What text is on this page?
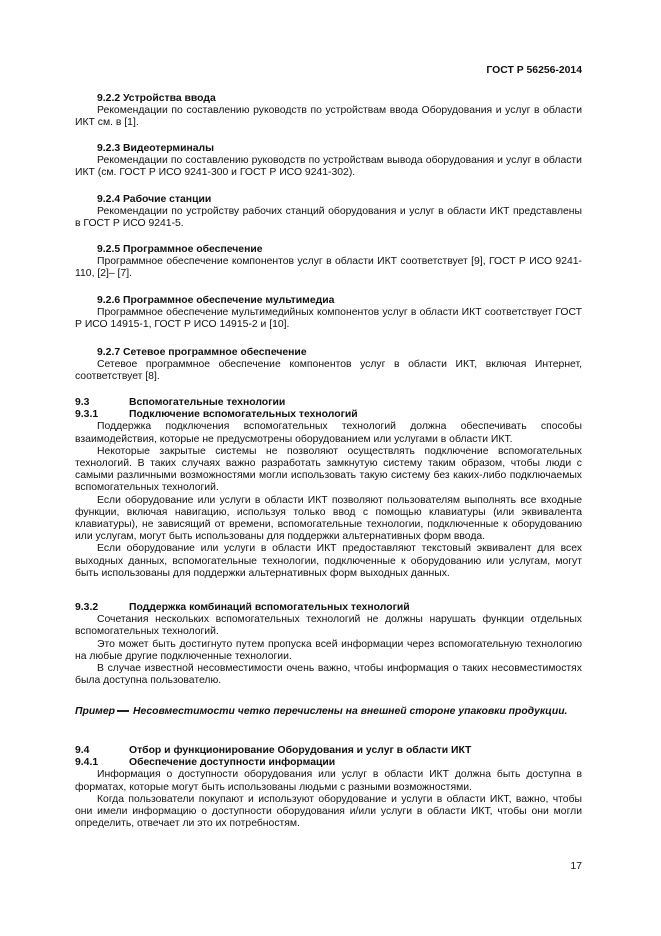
ГОСТ Р 56256-2014
9.2.2 Устройства ввода
Рекомендации по составлению руководств по устройствам ввода Оборудования и услуг в области ИКТ см. в [1].
9.2.3 Видеотерминалы
Рекомендации по составлению руководств по устройствам вывода оборудования и услуг в области ИКТ (см. ГОСТ Р ИСО 9241-300 и ГОСТ Р ИСО 9241-302).
9.2.4 Рабочие станции
Рекомендации по устройству рабочих станций оборудования и услуг в области ИКТ представлены в ГОСТ Р ИСО 9241-5.
9.2.5 Программное обеспечение
Программное обеспечение компонентов услуг в области ИКТ соответствует [9], ГОСТ Р ИСО 9241-110, [2]– [7].
9.2.6 Программное обеспечение мультимедиа
Программное обеспечение мультимедийных компонентов услуг в области ИКТ соответствует ГОСТ Р ИСО 14915-1, ГОСТ Р ИСО 14915-2 и [10].
9.2.7 Сетевое программное обеспечение
Сетевое программное обеспечение компонентов услуг в области ИКТ, включая Интернет, соответствует [8].
9.3	Вспомогательные технологии
9.3.1	Подключение вспомогательных технологий
Поддержка подключения вспомогательных технологий должна обеспечивать способы взаимодействия, которые не предусмотрены оборудованием или услугами в области ИКТ.
Некоторые закрытые системы не позволяют осуществлять подключение вспомогательных технологий. В таких случаях важно разработать замкнутую систему таким образом, чтобы люди с самыми различными возможностями могли использовать такую систему без каких-либо подключаемых вспомогательных технологий.
Если оборудование или услуги в области ИКТ позволяют пользователям выполнять все входные функции, включая навигацию, используя только ввод с помощью клавиатуры (или эквивалента клавиатуры), не зависящий от времени, вспомогательные технологии, подключенные к оборудованию или услугам, могут быть использованы для поддержки альтернативных форм ввода.
Если оборудование или услуги в области ИКТ предоставляют текстовый эквивалент для всех выходных данных, вспомогательные технологии, подключенные к оборудованию или услугам, могут быть использованы для поддержки альтернативных форм выходных данных.
9.3.2	Поддержка комбинаций вспомогательных технологий
Сочетания нескольких вспомогательных технологий не должны нарушать функции отдельных вспомогательных технологий.
Это может быть достигнуто путем пропуска всей информации через вспомогательную технологию на любые другие подключенные технологии.
В случае известной несовместимости очень важно, чтобы информация о таких несовместимостях была доступна пользователю.
Пример Несовместимости четко перечислены на внешней стороне упаковки продукции.
9.4	Отбор и функционирование Оборудования и услуг в области ИКТ
9.4.1	Обеспечение доступности информации
Информация о доступности оборудования или услуг в области ИКТ должна быть доступна в форматах, которые могут быть использованы людьми с разными возможностями.
Когда пользователи покупают и используют оборудование и услуги в области ИКТ, важно, чтобы они имели информацию о доступности оборудования и/или услуги в области ИКТ, чтобы они могли определить, отвечает ли это их потребностям.
17
